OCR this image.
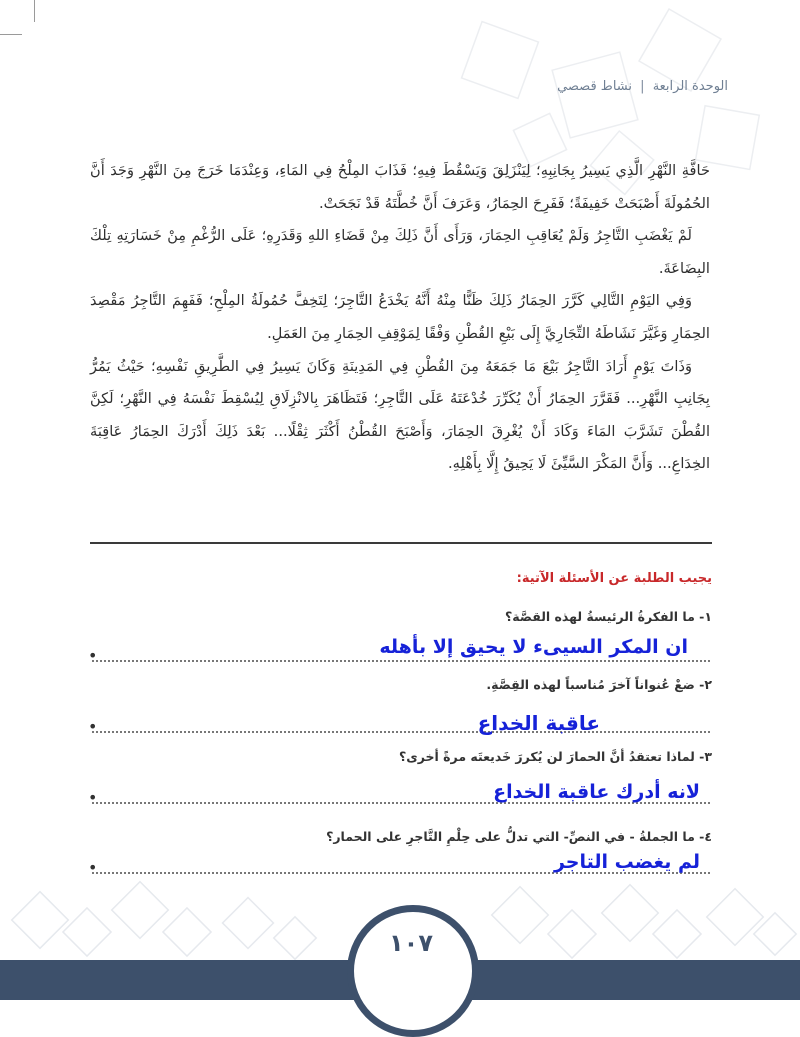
الوحدة الرابعة | نشاط قصصي

حَافَّةِ النَّهْرِ الَّذِي يَسِيرُ بِجَانِبِهِ؛ لِيَنْزَلِقَ وَيَسْقُطَ فِيهِ؛ فَذَابَ المِلْحُ فِي المَاءِ، وَعِنْدَمَا خَرَجَ مِنَ النَّهْرِ وَجَدَ أَنَّ الحُمُولَةَ أَصْبَحَتْ خَفِيفَةً؛ فَفَرِحَ الحِمَارُ، وَعَرَفَ أَنَّ خُطَّتَهُ قَدْ نَجَحَتْ.

لَمْ يَغْضَبِ التَّاجِرُ وَلَمْ يُعَاقِبِ الحِمَارَ، وَرَأَى أَنَّ ذَلِكَ مِنْ قَضَاءِ اللهِ وَقَدَرِهِ؛ عَلَى الرُّغْمِ مِنْ خَسَارَتِهِ تِلْكَ البِضَاعَةَ.

وَفِي اليَوْمِ التَّالِي كَرَّرَ الحِمَارُ ذَلِكَ ظَنًّا مِنْهُ أَنَّهُ يَخْدَعُ التَّاجِرَ؛ لِتَخِفَّ حُمُولَةُ المِلْحِ؛ فَفَهِمَ التَّاجِرُ مَقْصِدَ الحِمَارِ وَغَيَّرَ نَشَاطَهُ التِّجَارِيَّ إِلَى بَيْعِ القُطْنِ وَفْقًا لِمَوْقِفِ الحِمَارِ مِنَ العَمَلِ.

وَذَاتَ يَوْمٍ أَرَادَ التَّاجِرُ بَيْعَ مَا جَمَعَهُ مِنَ القُطْنِ فِي المَدِينَةِ وَكَانَ يَسِيرُ فِي الطَّرِيقِ نَفْسِهِ؛ حَيْثُ يَمُرُّ بِجَانِبِ النَّهْرِ... فَقَرَّرَ الحِمَارُ أَنْ يُكَرِّرَ خُدْعَتَهُ عَلَى التَّاجِرِ؛ فَتَظَاهَرَ بِالانْزِلَاقِ لِيُسْقِطَ نَفْسَهُ فِي النَّهْرِ؛ لَكِنَّ القُطْنَ تَشَرَّبَ المَاءَ وَكَادَ أَنْ يُغْرِقَ الحِمَارَ، وَأَصْبَحَ القُطْنُ أَكْثَرَ ثِقْلًا... بَعْدَ ذَلِكَ أَدْرَكَ الحِمَارُ عَاقِبَةَ الخِدَاعِ... وَأَنَّ المَكْرَ السَّيِّئَ لَا يَحِيقُ إِلَّا بِأَهْلِهِ.

يجيب الطلبة عن الأسئلة الآتية:
١- ما الفكرةُ الرئيسةُ لهذه القصَّة؟
•	ان المكر السيىء لا يحيق إلا بأهله
٢- ضعْ عُنواناً آخرَ مُناسباً لهذه القِصَّةِ.
•	عاقبة الخداع
٣- لماذا تعتقدُ أنَّ الحمارَ لن يُكررَ خَديعتَه مرةً أخرى؟
•	لانه أدرك عاقبة الخداع
٤- ما الجملةُ - في النصِّ- التي تدلُّ على حِلْمِ التَّاجرِ على الحمار؟
•	لم يغضب التاجر
١٠٧
